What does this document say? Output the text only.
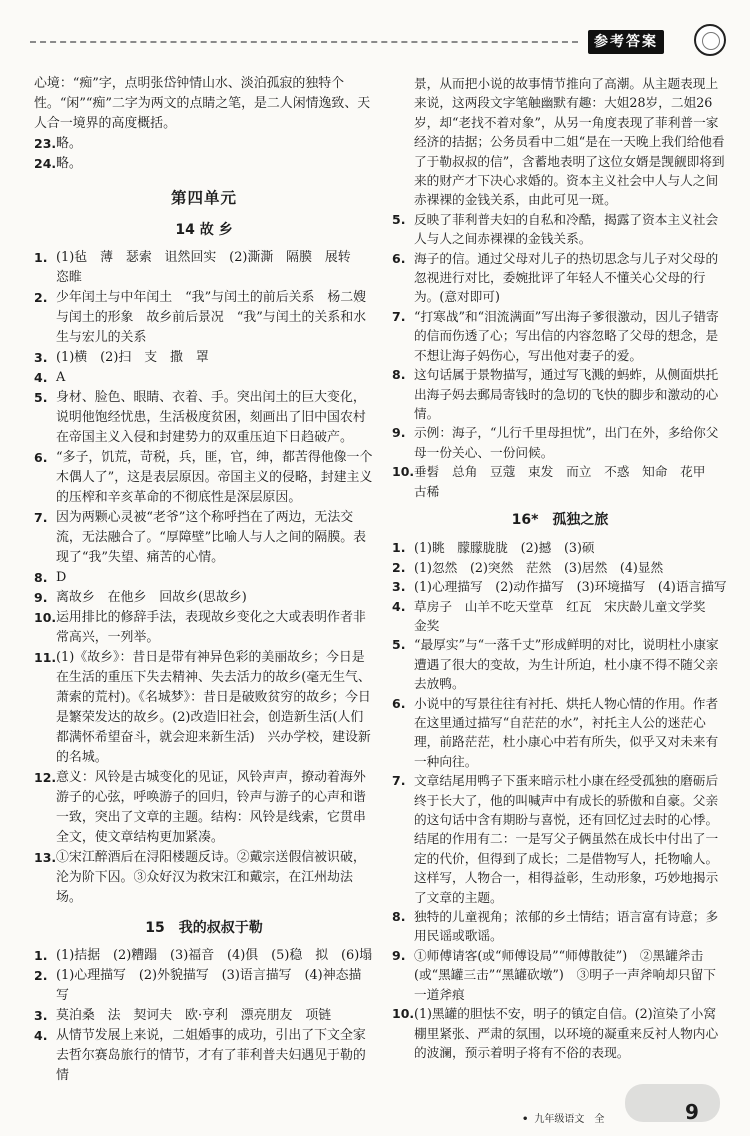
参考答案

心境：“痴”字，点明张岱钟情山水、淡泊孤寂的独特个性。“闲”“痴”二字为两文的点睛之笔，是二人闲情逸致、天人合一境界的高度概括。

23. 略。

24. 略。

第四单元
14 故 乡

1. (1)毡　薄　瑟索　诅然回实　(2)澌澌　隔膜　展转　恣睢

2. 少年闰土与中年闰土　“我”与闰土的前后关系　杨二嫂与闰土的形象　故乡前后景况　“我”与闰土的关系和水生与宏儿的关系

3. (1)横　(2)扫　支　撒　罩

4. A

5. 身材、脸色、眼睛、衣着、手。突出闰土的巨大变化，说明他饱经忧患，生活极度贫困，刻画出了旧中国农村在帝国主义入侵和封建势力的双重压迫下日趋破产。

6. “多子，饥荒，苛税，兵，匪，官，绅，都苦得他像一个木偶人了”，这是表层原因。帝国主义的侵略，封建主义的压榨和辛亥革命的不彻底性是深层原因。

7. 因为两颗心灵被“老爷”这个称呼挡在了两边，无法交流，无法融合了。“厚障壁”比喻人与人之间的隔膜。表现了“我”失望、痛苦的心情。

8. D

9. 离故乡　在他乡　回故乡(思故乡)

10. 运用排比的修辞手法，表现故乡变化之大或表明作者非常高兴，一列举。

11. (1)《故乡》：昔日是带有神异色彩的美丽故乡；今日是在生活的重压下失去精神、失去活力的故乡(毫无生气、萧索的荒村)。《名城梦》：昔日是破败贫穷的故乡；今日是繁荣发达的故乡。(2)改造旧社会，创造新生活(人们都满怀希望奋斗，就会迎来新生活)　兴办学校，建设新的名城。

12. 意义：风铃是古城变化的见证，风铃声声，撩动着海外游子的心弦，呼唤游子的回归，铃声与游子的心声和谐一致，突出了文章的主题。结构：风铃是线索，它贯串全文，使文章结构更加紧凑。

13. ①宋江醉酒后在浔阳楼题反诗。②戴宗送假信被识破，沦为阶下囚。③众好汉为救宋江和戴宗，在江州劫法场。

15　我的叔叔于勒

1. (1)拮据　(2)糟蹋　(3)福音　(4)俱　(5)稳　拟　(6)塌

2. (1)心理描写　(2)外貌描写　(3)语言描写　(4)神态描写

3. 莫泊桑　法　契诃夫　欧·亨利　漂亮朋友　项链

4. 从情节发展上来说，二姐婚事的成功，引出了下文全家去哲尔赛岛旅行的情节，才有了菲利普夫妇遇见于勒的情

景，从而把小说的故事情节推向了高潮。从主题表现上来说，这两段文字笔触幽默有趣：大姐28岁，二姐26岁，却“老找不着对象”，从另一角度表现了菲利普一家经济的拮据；公务员看中二姐“是在一天晚上我们给他看了于勒叔叔的信”，含蓄地表明了这位女婿是觊觎即将到来的财产才下决心求婚的。资本主义社会中人与人之间赤裸裸的金钱关系，由此可见一斑。

5. 反映了菲利普夫妇的自私和冷酷，揭露了资本主义社会人与人之间赤裸裸的金钱关系。

6. 海子的信。通过父母对儿子的热切思念与儿子对父母的忽视进行对比，委婉批评了年轻人不懂关心父母的行为。(意对即可)

7. “打寒战”和“泪流满面”写出海子爹很激动，因儿子错寄的信而伤透了心；写出信的内容忽略了父母的想念，是不想让海子妈伤心，写出他对妻子的爱。

8. 这句话属于景物描写，通过写飞溅的蚂蚱，从侧面烘托出海子妈去郵局寄钱时的急切的飞快的脚步和激动的心情。

9. 示例：海子，“儿行千里母担忧”，出门在外，多给你父母一份关心、一份问候。

10. 垂髫　总角　豆蔻　束发　而立　不惑　知命　花甲　古稀

16*　孤独之旅

1. (1)眺　朦朦胧胧　(2)撼　(3)硕

2. (1)忽然　(2)突然　茫然　(3)居然　(4)显然

3. (1)心理描写　(2)动作描写　(3)环境描写　(4)语言描写

4. 草房子　山羊不吃天堂草　红瓦　宋庆龄儿童文学奖　金奖

5. “最厚实”与“一落千丈”形成鲜明的对比，说明杜小康家遭遇了很大的变故，为生计所迫，杜小康不得不随父亲去放鸭。

6. 小说中的写景往往有衬托、烘托人物心情的作用。作者在这里通过描写“自茫茫的水”，衬托主人公的迷茫心理，前路茫茫，杜小康心中若有所失，似乎又对未来有一种向往。

7. 文章结尾用鸭子下蛋来暗示杜小康在经受孤独的磨砺后终于长大了，他的叫喊声中有成长的骄傲和自豪。父亲的这句话中含有期盼与喜悦，还有回忆过去时的心悸。结尾的作用有二：一是写父子俩虽然在成长中付出了一定的代价，但得到了成长；二是借物写人，托物喻人。这样写，人物合一，相得益彰，生动形象，巧妙地揭示了文章的主题。

8. 独特的儿童视角；浓郁的乡土情结；语言富有诗意；多用民谣或歌谣。

9. ①师傅请客(或“师傅设局”“师傅散徒”)　②黑罐斧击(或“黑罐三击”“黑罐砍墩”)　③明子一声斧响却只留下一道斧痕

10. (1)黑罐的胆怯不安，明子的镇定自信。(2)渲染了小窝棚里紧张、严肃的氛围，以环境的凝重来反衬人物内心的波澜，预示着明子将有不俗的表现。

• 九年级语文　全	9
